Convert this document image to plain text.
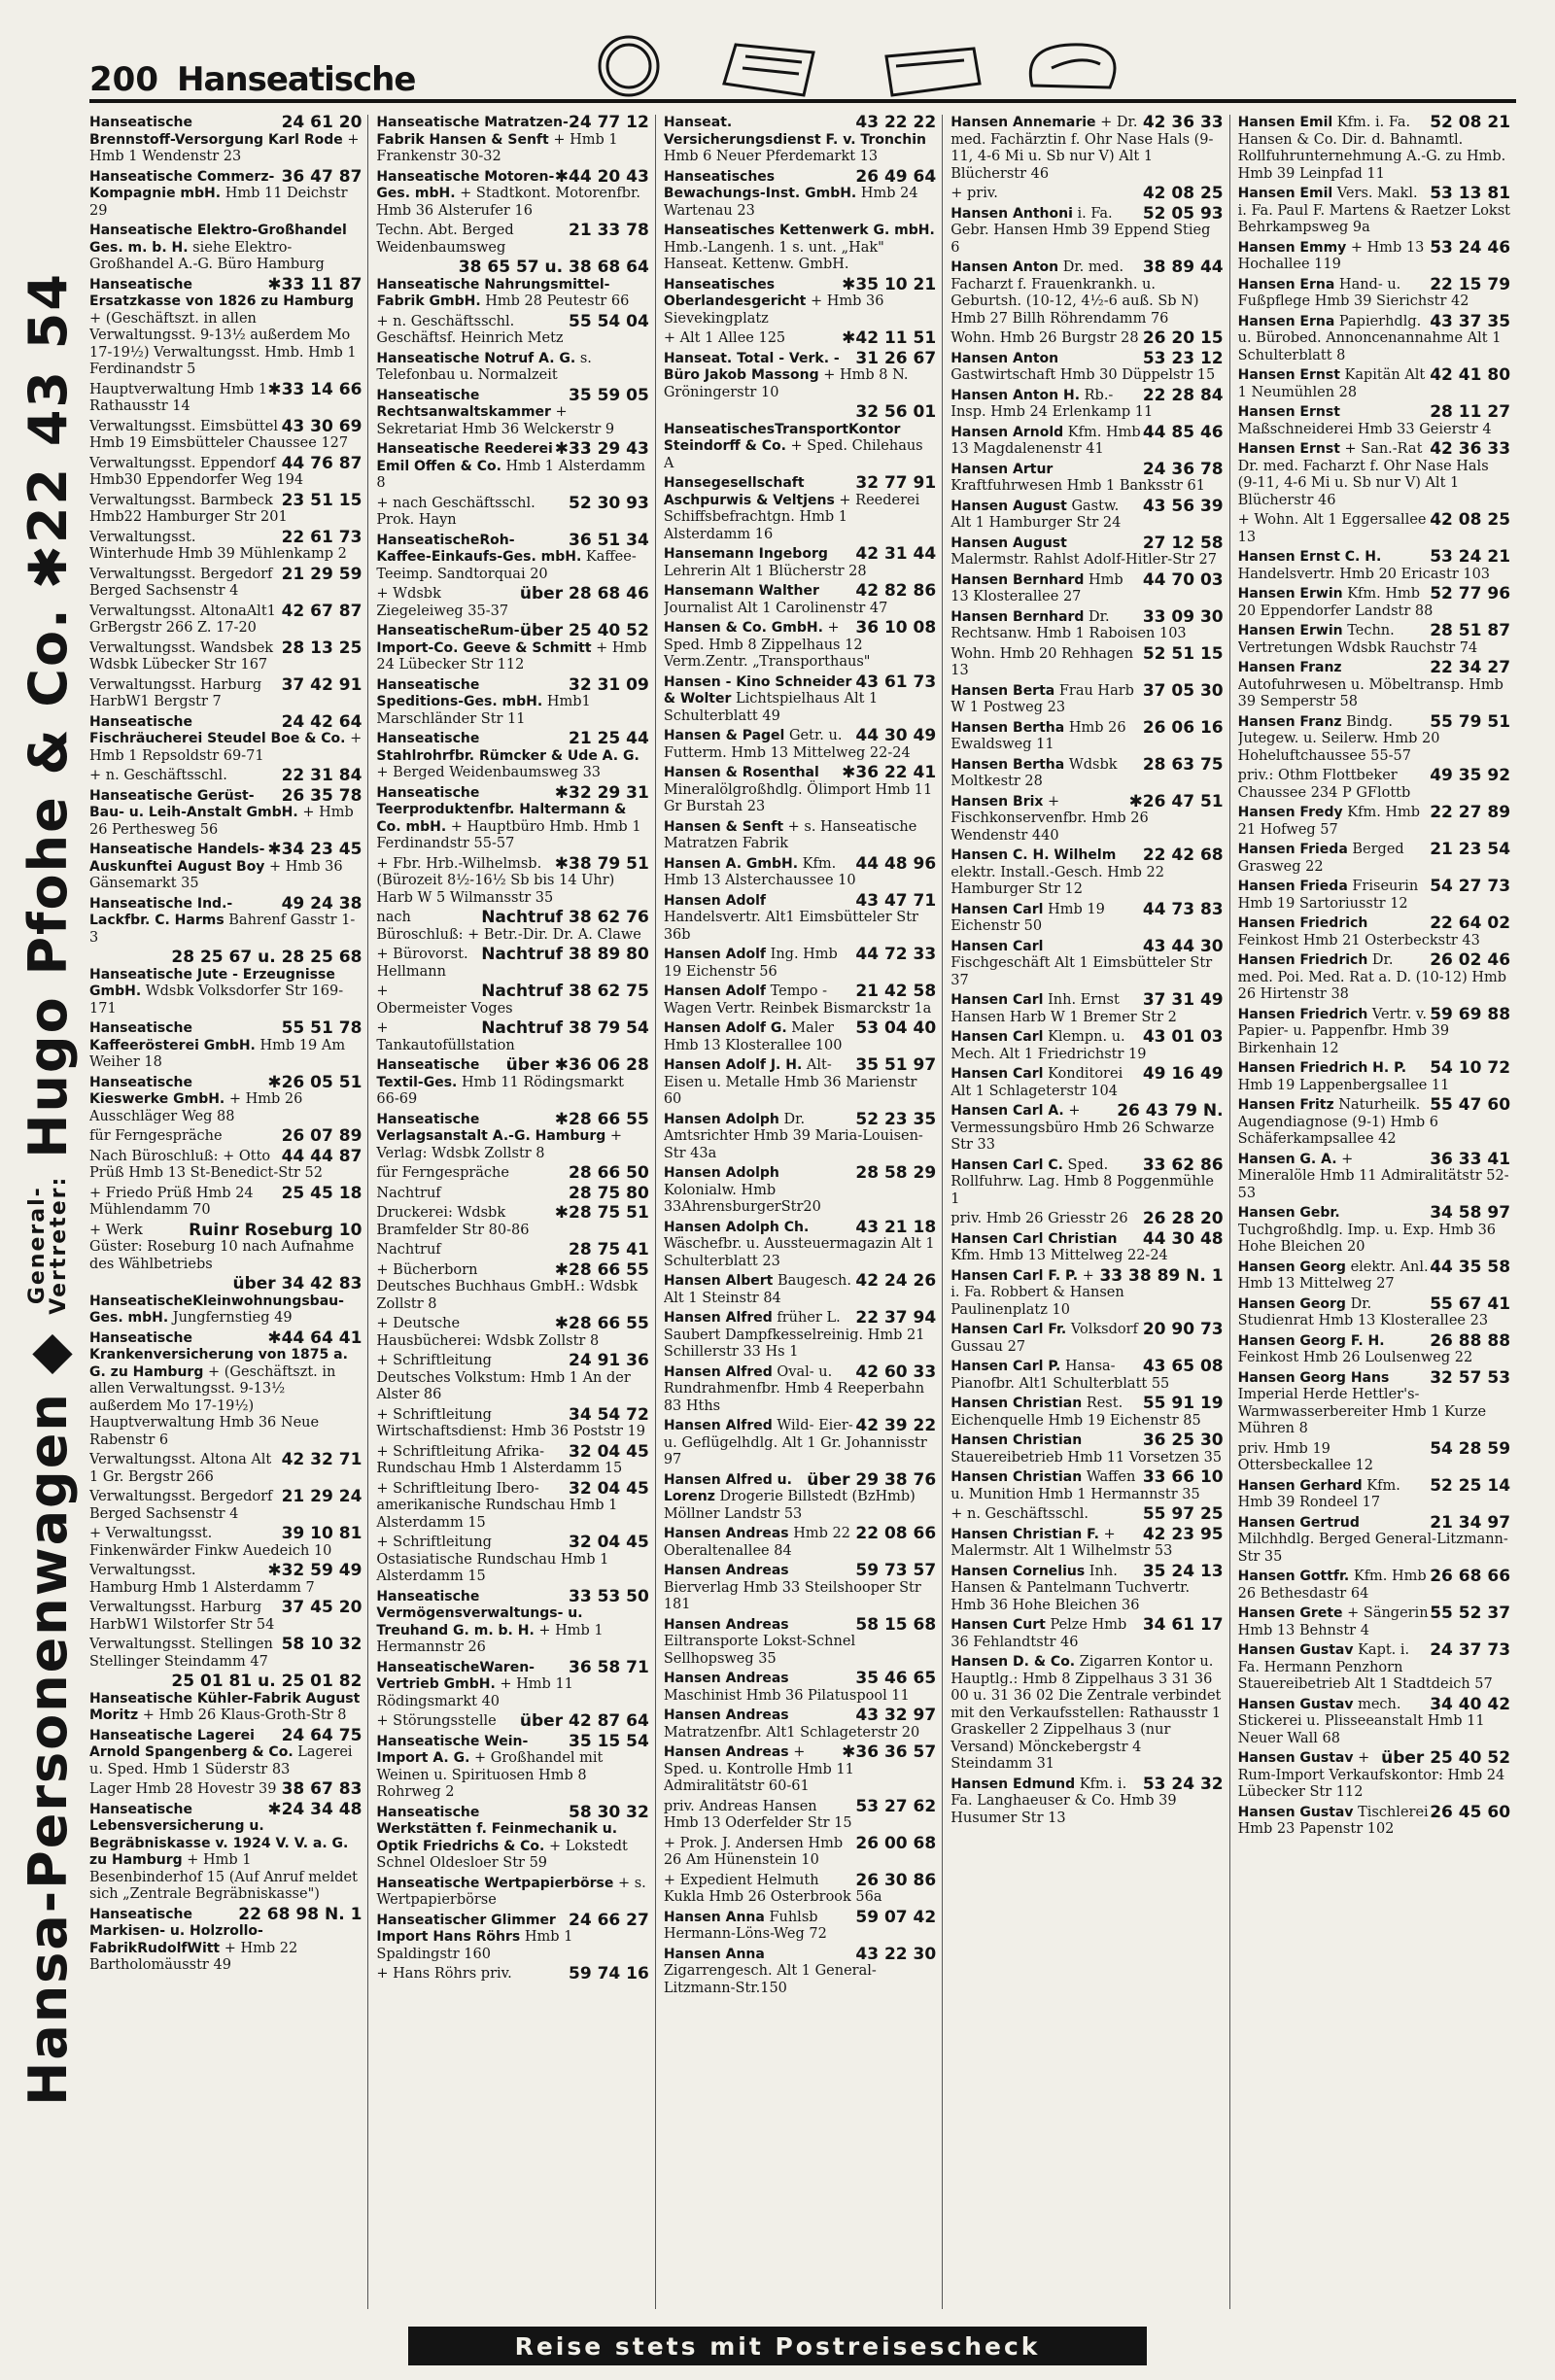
200 Hanseatische
Hansa-Personenwagen
◆
General-
Vertreter:
Hugo Pfohe & Co.
✱22 43 54
24 61 20
Hanseatische Brennstoff-Versorgung Karl Rode + Hmb 1 Wendenstr 23
36 47 87
Hanseatische Commerz-Kompagnie mbH. Hmb 11 Deichstr 29
Hanseatische Elektro-Großhandel Ges. m. b. H. siehe Elektro-Großhandel A.-G. Büro Hamburg
✱33 11 87
Hanseatische Ersatzkasse von 1826 zu Hamburg + (Geschäftszt. in allen Verwaltungsst. 9-13½ außerdem Mo 17-19½) Verwaltungsst. Hmb. Hmb 1 Ferdinandstr 5
✱33 14 66
Hauptverwaltung Hmb 1 Rathausstr 14
43 30 69
Verwaltungsst. Eimsbüttel Hmb 19 Eimsbütteler Chaussee 127
44 76 87
Verwaltungsst. Eppendorf Hmb30 Eppendorfer Weg 194
23 51 15
Verwaltungsst. Barmbeck Hmb22 Hamburger Str 201
22 61 73
Verwaltungsst. Winterhude Hmb 39 Mühlenkamp 2
21 29 59
Verwaltungsst. Bergedorf Berged Sachsenstr 4
42 67 87
Verwaltungsst. AltonaAlt1 GrBergstr 266 Z. 17-20
28 13 25
Verwaltungsst. Wandsbek Wdsbk Lübecker Str 167
37 42 91
Verwaltungsst. Harburg HarbW1 Bergstr 7
24 42 64
Hanseatische Fischräucherei Steudel Boe & Co. + Hmb 1 Repsoldstr 69-71
22 31 84
+ n. Geschäftsschl.
26 35 78
Hanseatische Gerüst-Bau- u. Leih-Anstalt GmbH. + Hmb 26 Perthesweg 56
✱34 23 45
Hanseatische Handels-Auskunftei August Boy + Hmb 36 Gänsemarkt 35
49 24 38
Hanseatische Ind.-Lackfbr. C. Harms Bahrenf Gasstr 1-3
28 25 67 u. 28 25 68
Hanseatische Jute - Erzeugnisse GmbH. Wdsbk Volksdorfer Str 169-171
55 51 78
Hanseatische Kaffeerösterei GmbH. Hmb 19 Am Weiher 18
✱26 05 51
Hanseatische Kieswerke GmbH. + Hmb 26 Ausschläger Weg 88
26 07 89
für Ferngespräche
44 44 87
Nach Büroschluß: + Otto Prüß Hmb 13 St-Benedict-Str 52
25 45 18
+ Friedo Prüß Hmb 24 Mühlendamm 70
Ruinr Roseburg 10
+ Werk Güster: Roseburg 10 nach Aufnahme des Wählbetriebs
über 34 42 83
HanseatischeKleinwohnungsbau-Ges. mbH. Jungfernstieg 49
✱44 64 41
Hanseatische Krankenversicherung von 1875 a. G. zu Hamburg + (Geschäftszt. in allen Verwaltungsst. 9-13½ außerdem Mo 17-19½) Hauptverwaltung Hmb 36 Neue Rabenstr 6
42 32 71
Verwaltungsst. Altona Alt 1 Gr. Bergstr 266
21 29 24
Verwaltungsst. Bergedorf Berged Sachsenstr 4
39 10 81
+ Verwaltungsst. Finkenwärder Finkw Auedeich 10
✱32 59 49
Verwaltungsst. Hamburg Hmb 1 Alsterdamm 7
37 45 20
Verwaltungsst. Harburg HarbW1 Wilstorfer Str 54
58 10 32
Verwaltungsst. Stellingen Stellinger Steindamm 47
25 01 81 u. 25 01 82
Hanseatische Kühler-Fabrik August Moritz + Hmb 26 Klaus-Groth-Str 8
24 64 75
Hanseatische Lagerei Arnold Spangenberg & Co. Lagerei u. Sped. Hmb 1 Süderstr 83
38 67 83
Lager Hmb 28 Hovestr 39
✱24 34 48
Hanseatische Lebensversicherung u. Begräbniskasse v. 1924 V. V. a. G. zu Hamburg + Hmb 1 Besenbinderhof 15 (Auf Anruf meldet sich „Zentrale Begräbniskasse")
22 68 98 N. 1
Hanseatische Markisen- u. Holzrollo-FabrikRudolfWitt + Hmb 22 Bartholomäusstr 49
24 77 12
Hanseatische Matratzen-Fabrik Hansen & Senft + Hmb 1 Frankenstr 30-32
✱44 20 43
Hanseatische Motoren-Ges. mbH. + Stadtkont. Motorenfbr. Hmb 36 Alsterufer 16
21 33 78
Techn. Abt. Berged Weidenbaumsweg
38 65 57 u. 38 68 64
Hanseatische Nahrungsmittel-Fabrik GmbH. Hmb 28 Peutestr 66
55 54 04
+ n. Geschäftsschl. Geschäftsf. Heinrich Metz
Hanseatische Notruf A. G. s. Telefonbau u. Normalzeit
35 59 05
Hanseatische Rechtsanwaltskammer + Sekretariat Hmb 36 Welckerstr 9
✱33 29 43
Hanseatische Reederei Emil Offen & Co. Hmb 1 Alsterdamm 8
52 30 93
+ nach Geschäftsschl. Prok. Hayn
36 51 34
HanseatischeRoh-Kaffee-Einkaufs-Ges. mbH. Kaffee-Teeimp. Sandtorquai 20
über 28 68 46
+ Wdsbk Ziegeleiweg 35-37
über 25 40 52
HanseatischeRum-Import-Co. Geeve & Schmitt + Hmb 24 Lübecker Str 112
32 31 09
Hanseatische Speditions-Ges. mbH. Hmb1 Marschländer Str 11
21 25 44
Hanseatische Stahlrohrfbr. Rümcker & Ude A. G. + Berged Weidenbaumsweg 33
✱32 29 31
Hanseatische Teerproduktenfbr. Haltermann & Co. mbH. + Hauptbüro Hmb. Hmb 1 Ferdinandstr 55-57
✱38 79 51
+ Fbr. Hrb.-Wilhelmsb. (Bürozeit 8½-16½ Sb bis 14 Uhr) Harb W 5 Wilmansstr 35
Nachtruf 38 62 76
nach Büroschluß: + Betr.-Dir. Dr. A. Clawe
Nachtruf 38 89 80
+ Bürovorst. Hellmann
Nachtruf 38 62 75
+ Obermeister Voges
Nachtruf 38 79 54
+ Tankautofüllstation
über ✱36 06 28
Hanseatische Textil-Ges. Hmb 11 Rödingsmarkt 66-69
✱28 66 55
Hanseatische Verlagsanstalt A.-G. Hamburg + Verlag: Wdsbk Zollstr 8
28 66 50
für Ferngespräche
28 75 80
Nachtruf
✱28 75 51
Druckerei: Wdsbk Bramfelder Str 80-86
28 75 41
Nachtruf
✱28 66 55
+ Bücherborn Deutsches Buchhaus GmbH.: Wdsbk Zollstr 8
✱28 66 55
+ Deutsche Hausbücherei: Wdsbk Zollstr 8
24 91 36
+ Schriftleitung Deutsches Volkstum: Hmb 1 An der Alster 86
34 54 72
+ Schriftleitung Wirtschaftsdienst: Hmb 36 Poststr 19
32 04 45
+ Schriftleitung Afrika-Rundschau Hmb 1 Alsterdamm 15
32 04 45
+ Schriftleitung Ibero-amerikanische Rundschau Hmb 1 Alsterdamm 15
32 04 45
+ Schriftleitung Ostasiatische Rundschau Hmb 1 Alsterdamm 15
33 53 50
Hanseatische Vermögensverwaltungs- u. Treuhand G. m. b. H. + Hmb 1 Hermannstr 26
36 58 71
HanseatischeWaren-Vertrieb GmbH. + Hmb 11 Rödingsmarkt 40
über 42 87 64
+ Störungsstelle
35 15 54
Hanseatische Wein-Import A. G. + Großhandel mit Weinen u. Spirituosen Hmb 8 Rohrweg 2
58 30 32
Hanseatische Werkstätten f. Feinmechanik u. Optik Friedrichs & Co. + Lokstedt Schnel Oldesloer Str 59
Hanseatische Wertpapierbörse + s. Wertpapierbörse
24 66 27
Hanseatischer Glimmer Import Hans Röhrs Hmb 1 Spaldingstr 160
59 74 16
+ Hans Röhrs priv.
43 22 22
Hanseat. Versicherungsdienst F. v. Tronchin Hmb 6 Neuer Pferdemarkt 13
26 49 64
Hanseatisches Bewachungs-Inst. GmbH. Hmb 24 Wartenau 23
Hanseatisches Kettenwerk G. mbH. Hmb.-Langenh. 1 s. unt. „Hak" Hanseat. Kettenw. GmbH.
✱35 10 21
Hanseatisches Oberlandesgericht + Hmb 36 Sievekingplatz
✱42 11 51
+ Alt 1 Allee 125
31 26 67
Hanseat. Total - Verk. - Büro Jakob Massong + Hmb 8 N. Gröningerstr 10
32 56 01
HanseatischesTransportKontor Steindorff & Co. + Sped. Chilehaus A
32 77 91
Hansegesellschaft Aschpurwis & Veltjens + Reederei Schiffsbefrachtgn. Hmb 1 Alsterdamm 16
42 31 44
Hansemann Ingeborg Lehrerin Alt 1 Blücherstr 28
42 82 86
Hansemann Walther Journalist Alt 1 Carolinenstr 47
36 10 08
Hansen & Co. GmbH. + Sped. Hmb 8 Zippelhaus 12 Verm.Zentr. „Transporthaus"
43 61 73
Hansen - Kino Schneider & Wolter Lichtspielhaus Alt 1 Schulterblatt 49
44 30 49
Hansen & Pagel Getr. u. Futterm. Hmb 13 Mittelweg 22-24
✱36 22 41
Hansen & Rosenthal Mineralölgroßhdlg. Ölimport Hmb 11 Gr Burstah 23
Hansen & Senft + s. Hanseatische Matratzen Fabrik
44 48 96
Hansen A. GmbH. Kfm. Hmb 13 Alsterchaussee 10
43 47 71
Hansen Adolf Handelsvertr. Alt1 Eimsbütteler Str 36b
44 72 33
Hansen Adolf Ing. Hmb 19 Eichenstr 56
21 42 58
Hansen Adolf Tempo - Wagen Vertr. Reinbek Bismarckstr 1a
53 04 40
Hansen Adolf G. Maler Hmb 13 Klosterallee 100
35 51 97
Hansen Adolf J. H. Alt-Eisen u. Metalle Hmb 36 Marienstr 60
52 23 35
Hansen Adolph Dr. Amtsrichter Hmb 39 Maria-Louisen-Str 43a
28 58 29
Hansen Adolph Kolonialw. Hmb 33AhrensburgerStr20
43 21 18
Hansen Adolph Ch. Wäschefbr. u. Aussteuermagazin Alt 1 Schulterblatt 23
42 24 26
Hansen Albert Baugesch. Alt 1 Steinstr 84
22 37 94
Hansen Alfred früher L. Saubert Dampfkesselreinig. Hmb 21 Schillerstr 33 Hs 1
42 60 33
Hansen Alfred Oval- u. Rundrahmenfbr. Hmb 4 Reeperbahn 83 Hths
42 39 22
Hansen Alfred Wild- Eier- u. Geflügelhdlg. Alt 1 Gr. Johannisstr 97
über 29 38 76
Hansen Alfred u. Lorenz Drogerie Billstedt (BzHmb) Möllner Landstr 53
22 08 66
Hansen Andreas Hmb 22 Oberaltenallee 84
59 73 57
Hansen Andreas Bierverlag Hmb 33 Steilshooper Str 181
58 15 68
Hansen Andreas Eiltransporte Lokst-Schnel Sellhopsweg 35
35 46 65
Hansen Andreas Maschinist Hmb 36 Pilatuspool 11
43 32 97
Hansen Andreas Matratzenfbr. Alt1 Schlageterstr 20
✱36 36 57
Hansen Andreas + Sped. u. Kontrolle Hmb 11 Admiralitätstr 60-61
53 27 62
priv. Andreas Hansen Hmb 13 Oderfelder Str 15
26 00 68
+ Prok. J. Andersen Hmb 26 Am Hünenstein 10
26 30 86
+ Expedient Helmuth Kukla Hmb 26 Osterbrook 56a
59 07 42
Hansen Anna Fuhlsb Hermann-Löns-Weg 72
43 22 30
Hansen Anna Zigarrengesch. Alt 1 General-Litzmann-Str.150
42 36 33
Hansen Annemarie + Dr. med. Fachärztin f. Ohr Nase Hals (9-11, 4-6 Mi u. Sb nur V) Alt 1 Blücherstr 46
42 08 25
+ priv.
52 05 93
Hansen Anthoni i. Fa. Gebr. Hansen Hmb 39 Eppend Stieg 6
38 89 44
Hansen Anton Dr. med. Facharzt f. Frauenkrankh. u. Geburtsh. (10-12, 4½-6 auß. Sb N) Hmb 27 Billh Röhrendamm 76
26 20 15
Wohn. Hmb 26 Burgstr 28
53 23 12
Hansen Anton Gastwirtschaft Hmb 30 Düppelstr 15
22 28 84
Hansen Anton H. Rb.-Insp. Hmb 24 Erlenkamp 11
44 85 46
Hansen Arnold Kfm. Hmb 13 Magdalenenstr 41
24 36 78
Hansen Artur Kraftfuhrwesen Hmb 1 Banksstr 61
43 56 39
Hansen August Gastw. Alt 1 Hamburger Str 24
27 12 58
Hansen August Malermstr. Rahlst Adolf-Hitler-Str 27
44 70 03
Hansen Bernhard Hmb 13 Klosterallee 27
33 09 30
Hansen Bernhard Dr. Rechtsanw. Hmb 1 Raboisen 103
52 51 15
Wohn. Hmb 20 Rehhagen 13
37 05 30
Hansen Berta Frau Harb W 1 Postweg 23
26 06 16
Hansen Bertha Hmb 26 Ewaldsweg 11
28 63 75
Hansen Bertha Wdsbk Moltkestr 28
✱26 47 51
Hansen Brix + Fischkonservenfbr. Hmb 26 Wendenstr 440
22 42 68
Hansen C. H. Wilhelm elektr. Install.-Gesch. Hmb 22 Hamburger Str 12
44 73 83
Hansen Carl Hmb 19 Eichenstr 50
43 44 30
Hansen Carl Fischgeschäft Alt 1 Eimsbütteler Str 37
37 31 49
Hansen Carl Inh. Ernst Hansen Harb W 1 Bremer Str 2
43 01 03
Hansen Carl Klempn. u. Mech. Alt 1 Friedrichstr 19
49 16 49
Hansen Carl Konditorei Alt 1 Schlageterstr 104
26 43 79 N.
Hansen Carl A. + Vermessungsbüro Hmb 26 Schwarze Str 33
33 62 86
Hansen Carl C. Sped. Rollfuhrw. Lag. Hmb 8 Poggenmühle 1
26 28 20
priv. Hmb 26 Griesstr 26
44 30 48
Hansen Carl Christian Kfm. Hmb 13 Mittelweg 22-24
33 38 89 N. 1
Hansen Carl F. P. + i. Fa. Robbert & Hansen Paulinenplatz 10
20 90 73
Hansen Carl Fr. Volksdorf Gussau 27
43 65 08
Hansen Carl P. Hansa-Pianofbr. Alt1 Schulterblatt 55
55 91 19
Hansen Christian Rest. Eichenquelle Hmb 19 Eichenstr 85
36 25 30
Hansen Christian Stauereibetrieb Hmb 11 Vorsetzen 35
33 66 10
Hansen Christian Waffen u. Munition Hmb 1 Hermannstr 35
55 97 25
+ n. Geschäftsschl.
42 23 95
Hansen Christian F. + Malermstr. Alt 1 Wilhelmstr 53
35 24 13
Hansen Cornelius Inh. Hansen & Pantelmann Tuchvertr. Hmb 36 Hohe Bleichen 36
34 61 17
Hansen Curt Pelze Hmb 36 Fehlandtstr 46
Hansen D. & Co. Zigarren Kontor u. Hauptlg.: Hmb 8 Zippelhaus 3 31 36 00 u. 31 36 02 Die Zentrale verbindet mit den Verkaufsstellen: Rathausstr 1 Graskeller 2 Zippelhaus 3 (nur Versand) Mönckebergstr 4 Steindamm 31
53 24 32
Hansen Edmund Kfm. i. Fa. Langhaeuser & Co. Hmb 39 Husumer Str 13
52 08 21
Hansen Emil Kfm. i. Fa. Hansen & Co. Dir. d. Bahnamtl. Rollfuhrunternehmung A.-G. zu Hmb. Hmb 39 Leinpfad 11
53 13 81
Hansen Emil Vers. Makl. i. Fa. Paul F. Martens & Raetzer Lokst Behrkampsweg 9a
53 24 46
Hansen Emmy + Hmb 13 Hochallee 119
22 15 79
Hansen Erna Hand- u. Fußpflege Hmb 39 Sierichstr 42
43 37 35
Hansen Erna Papierhdlg. u. Bürobed. Annoncenannahme Alt 1 Schulterblatt 8
42 41 80
Hansen Ernst Kapitän Alt 1 Neumühlen 28
28 11 27
Hansen Ernst Maßschneiderei Hmb 33 Geierstr 4
42 36 33
Hansen Ernst + San.-Rat Dr. med. Facharzt f. Ohr Nase Hals (9-11, 4-6 Mi u. Sb nur V) Alt 1 Blücherstr 46
42 08 25
+ Wohn. Alt 1 Eggersallee 13
53 24 21
Hansen Ernst C. H. Handelsvertr. Hmb 20 Ericastr 103
52 77 96
Hansen Erwin Kfm. Hmb 20 Eppendorfer Landstr 88
28 51 87
Hansen Erwin Techn. Vertretungen Wdsbk Rauchstr 74
22 34 27
Hansen Franz Autofuhrwesen u. Möbeltransp. Hmb 39 Semperstr 58
55 79 51
Hansen Franz Bindg. Jutegew. u. Seilerw. Hmb 20 Hoheluftchaussee 55-57
49 35 92
priv.: Othm Flottbeker Chaussee 234 P GFlottb
22 27 89
Hansen Fredy Kfm. Hmb 21 Hofweg 57
21 23 54
Hansen Frieda Berged Grasweg 22
54 27 73
Hansen Frieda Friseurin Hmb 19 Sartoriusstr 12
22 64 02
Hansen Friedrich Feinkost Hmb 21 Osterbeckstr 43
26 02 46
Hansen Friedrich Dr. med. Poi. Med. Rat a. D. (10-12) Hmb 26 Hirtenstr 38
59 69 88
Hansen Friedrich Vertr. v. Papier- u. Pappenfbr. Hmb 39 Birkenhain 12
54 10 72
Hansen Friedrich H. P. Hmb 19 Lappenbergsallee 11
55 47 60
Hansen Fritz Naturheilk. Augendiagnose (9-1) Hmb 6 Schäferkampsallee 42
36 33 41
Hansen G. A. + Mineralöle Hmb 11 Admiralitätstr 52-53
34 58 97
Hansen Gebr. Tuchgroßhdlg. Imp. u. Exp. Hmb 36 Hohe Bleichen 20
44 35 58
Hansen Georg elektr. Anl. Hmb 13 Mittelweg 27
55 67 41
Hansen Georg Dr. Studienrat Hmb 13 Klosterallee 23
26 88 88
Hansen Georg F. H. Feinkost Hmb 26 Loulsenweg 22
32 57 53
Hansen Georg Hans Imperial Herde Hettler's-Warmwasserbereiter Hmb 1 Kurze Mühren 8
54 28 59
priv. Hmb 19 Ottersbeckallee 12
52 25 14
Hansen Gerhard Kfm. Hmb 39 Rondeel 17
21 34 97
Hansen Gertrud Milchhdlg. Berged General-Litzmann-Str 35
26 68 66
Hansen Gottfr. Kfm. Hmb 26 Bethesdastr 64
55 52 37
Hansen Grete + Sängerin Hmb 13 Behnstr 4
24 37 73
Hansen Gustav Kapt. i. Fa. Hermann Penzhorn Stauereibetrieb Alt 1 Stadtdeich 57
34 40 42
Hansen Gustav mech. Stickerei u. Plisseeanstalt Hmb 11 Neuer Wall 68
über 25 40 52
Hansen Gustav + Rum-Import Verkaufskontor: Hmb 24 Lübecker Str 112
26 45 60
Hansen Gustav Tischlerei Hmb 23 Papenstr 102
Reise stets mit Postreisescheck
